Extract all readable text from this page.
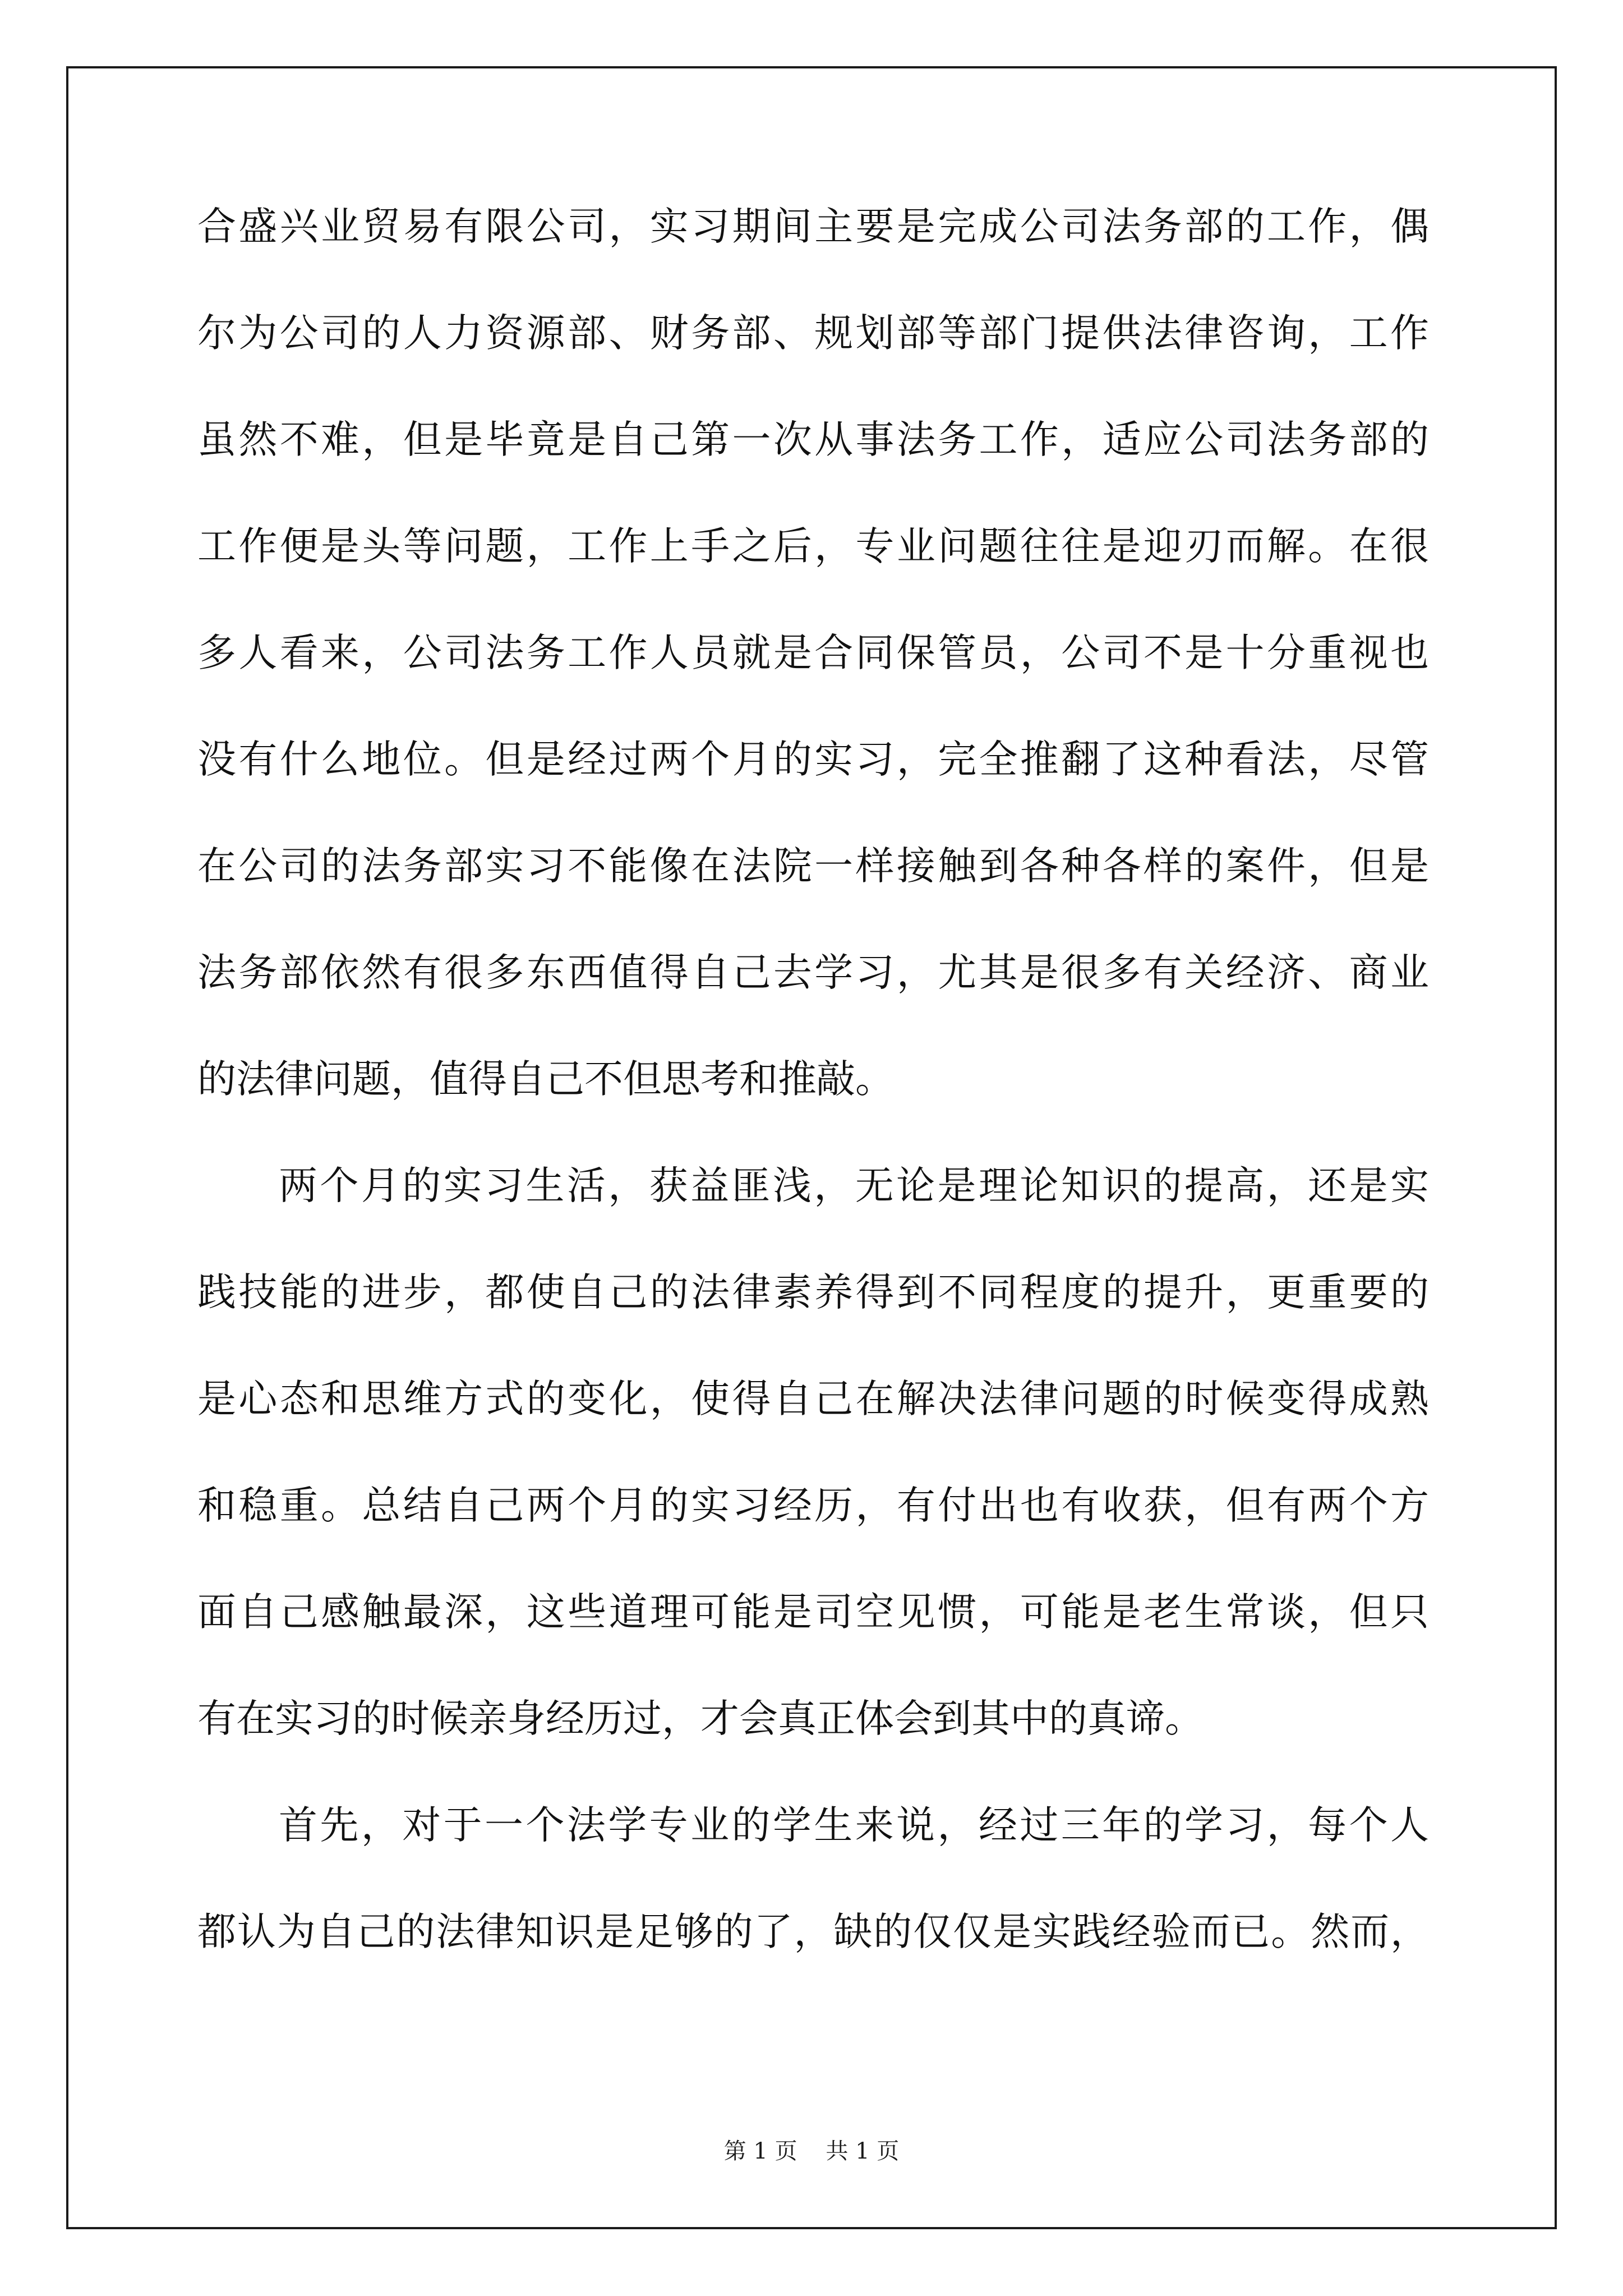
合盛兴业贸易有限公司，实习期间主要是完成公司法务部的工作，偶
尔为公司的人力资源部、财务部、规划部等部门提供法律咨询，工作
虽然不难，但是毕竟是自己第一次从事法务工作，适应公司法务部的
工作便是头等问题，工作上手之后，专业问题往往是迎刃而解。在很
多人看来，公司法务工作人员就是合同保管员，公司不是十分重视也
没有什么地位。但是经过两个月的实习，完全推翻了这种看法，尽管
在公司的法务部实习不能像在法院一样接触到各种各样的案件，但是
法务部依然有很多东西值得自己去学习，尤其是很多有关经济、商业
的法律问题，值得自己不但思考和推敲。
两个月的实习生活，获益匪浅，无论是理论知识的提高，还是实
践技能的进步，都使自己的法律素养得到不同程度的提升，更重要的
是心态和思维方式的变化，使得自己在解决法律问题的时候变得成熟
和稳重。总结自己两个月的实习经历，有付出也有收获，但有两个方
面自己感触最深，这些道理可能是司空见惯，可能是老生常谈，但只
有在实习的时候亲身经历过，才会真正体会到其中的真谛。
首先，对于一个法学专业的学生来说，经过三年的学习，每个人
都认为自己的法律知识是足够的了，缺的仅仅是实践经验而已。然而，
第 1 页    共 1 页
